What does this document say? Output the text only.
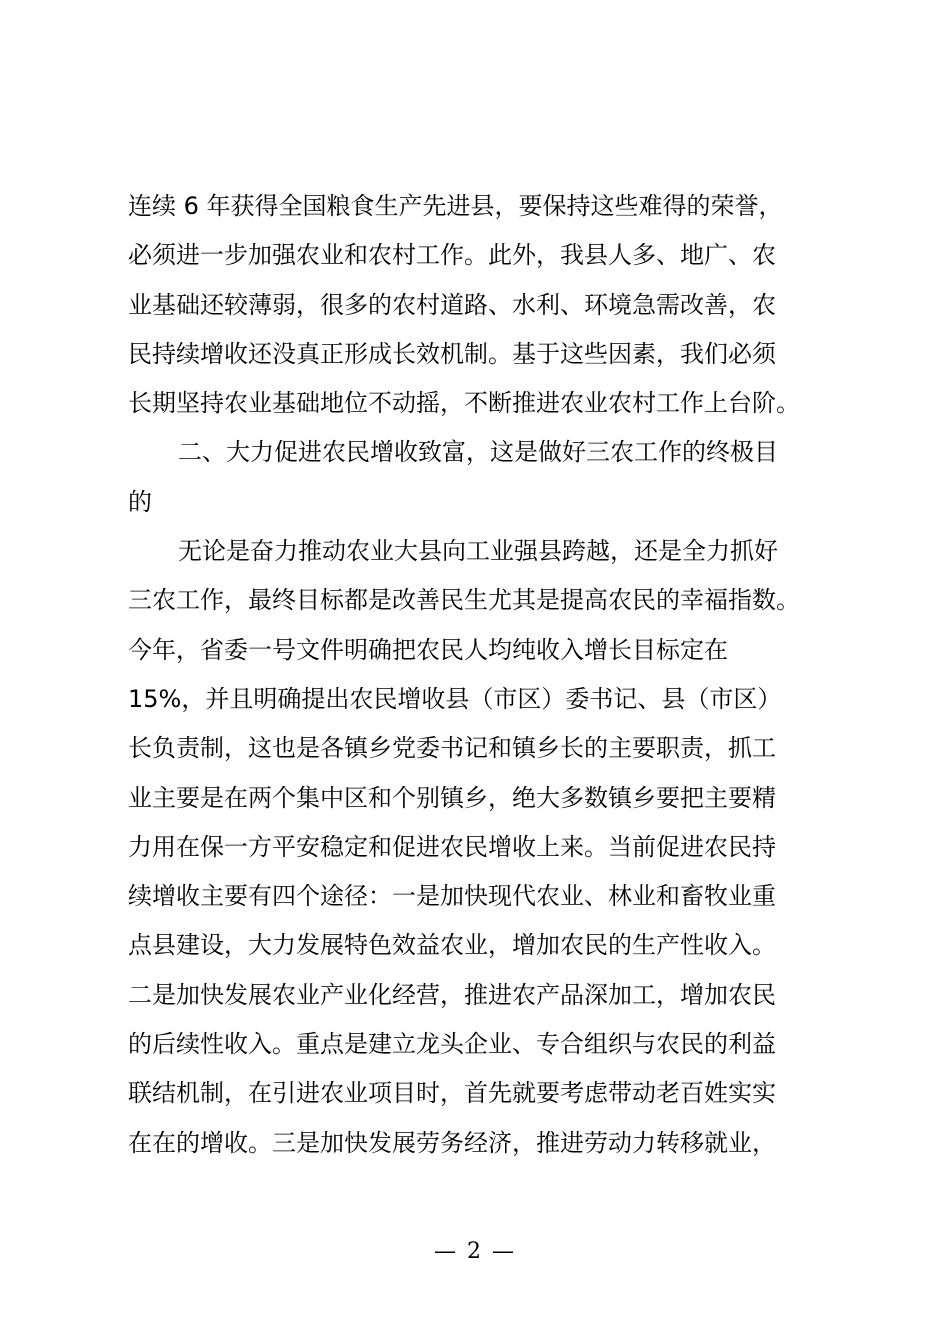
连续 6 年获得全国粮食生产先进县，要保持这些难得的荣誉，
必须进一步加强农业和农村工作。此外，我县人多、地广、农
业基础还较薄弱，很多的农村道路、水利、环境急需改善，农
民持续增收还没真正形成长效机制。基于这些因素，我们必须
长期坚持农业基础地位不动摇，不断推进农业农村工作上台阶。
二、大力促进农民增收致富，这是做好三农工作的终极目
的
无论是奋力推动农业大县向工业强县跨越，还是全力抓好
三农工作，最终目标都是改善民生尤其是提高农民的幸福指数。
今年，省委一号文件明确把农民人均纯收入增长目标定在
15%，并且明确提出农民增收县（市区）委书记、县（市区）
长负责制，这也是各镇乡党委书记和镇乡长的主要职责，抓工
业主要是在两个集中区和个别镇乡，绝大多数镇乡要把主要精
力用在保一方平安稳定和促进农民增收上来。当前促进农民持
续增收主要有四个途径：一是加快现代农业、林业和畜牧业重
点县建设，大力发展特色效益农业，增加农民的生产性收入。
二是加快发展农业产业化经营，推进农产品深加工，增加农民
的后续性收入。重点是建立龙头企业、专合组织与农民的利益
联结机制，在引进农业项目时，首先就要考虑带动老百姓实实
在在的增收。三是加快发展劳务经济，推进劳动力转移就业，
— 2 —
